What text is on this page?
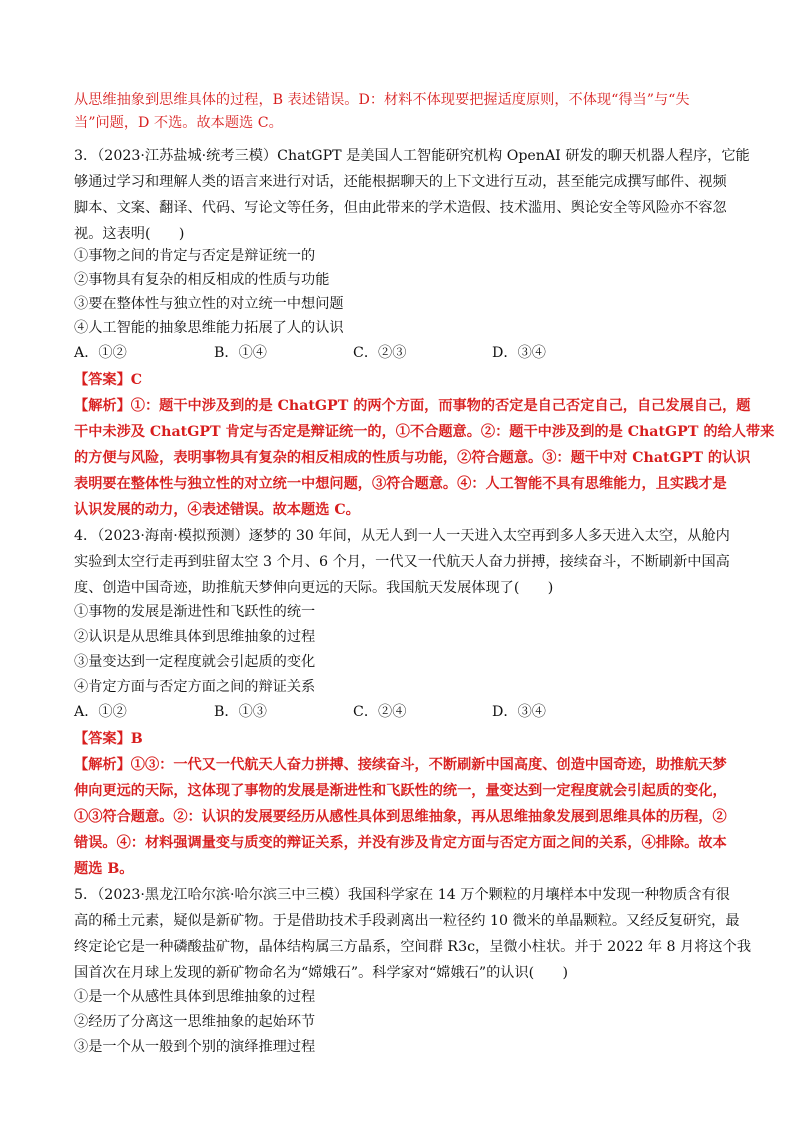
从思维抽象到思维具体的过程，B 表述错误。D：材料不体现要把握适度原则，不体现“得当”与“失
当”问题，D 不选。故本题选 C。
3．（2023·江苏盐城·统考三模）ChatGPT 是美国人工智能研究机构 OpenAI 研发的聊天机器人程序，它能
够通过学习和理解人类的语言来进行对话，还能根据聊天的上下文进行互动，甚至能完成撰写邮件、视频
脚本、文案、翻译、代码、写论文等任务，但由此带来的学术造假、技术滥用、舆论安全等风险亦不容忽
视。这表明(　　)
①事物之间的肯定与否定是辩证统一的
②事物具有复杂的相反相成的性质与功能
③要在整体性与独立性的对立统一中想问题
④人工智能的抽象思维能力拓展了人的认识
A．①②	B．①④	C．②③	D．③④
【答案】C
【解析】①：题干中涉及到的是 ChatGPT 的两个方面，而事物的否定是自己否定自己，自己发展自己，题
干中未涉及 ChatGPT 肯定与否定是辩证统一的，①不合题意。②：题干中涉及到的是 ChatGPT 的给人带来
的方便与风险，表明事物具有复杂的相反相成的性质与功能，②符合题意。③：题干中对 ChatGPT 的认识
表明要在整体性与独立性的对立统一中想问题，③符合题意。④：人工智能不具有思维能力，且实践才是
认识发展的动力，④表述错误。故本题选 C。
4．（2023·海南·模拟预测）逐梦的 30 年间，从无人到一人一天进入太空再到多人多天进入太空，从舱内
实验到太空行走再到驻留太空 3 个月、6 个月，一代又一代航天人奋力拼搏，接续奋斗，不断刷新中国高
度、创造中国奇迹，助推航天梦伸向更远的天际。我国航天发展体现了(　　)
①事物的发展是渐进性和飞跃性的统一
②认识是从思维具体到思维抽象的过程
③量变达到一定程度就会引起质的变化
④肯定方面与否定方面之间的辩证关系
A．①②	B．①③	C．②④	D．③④
【答案】B
【解析】①③：一代又一代航天人奋力拼搏、接续奋斗，不断刷新中国高度、创造中国奇迹，助推航天梦
伸向更远的天际，这体现了事物的发展是渐进性和飞跃性的统一，量变达到一定程度就会引起质的变化，
①③符合题意。②：认识的发展要经历从感性具体到思维抽象，再从思维抽象发展到思维具体的历程，②
错误。④：材料强调量变与质变的辩证关系，并没有涉及肯定方面与否定方面之间的关系，④排除。故本
题选 B。
5．（2023·黑龙江哈尔滨·哈尔滨三中三模）我国科学家在 14 万个颗粒的月壤样本中发现一种物质含有很
高的稀土元素，疑似是新矿物。于是借助技术手段剥离出一粒径约 10 微米的单晶颗粒。又经反复研究，最
终定论它是一种磷酸盐矿物，晶体结构属三方晶系，空间群 R3c，呈微小柱状。并于 2022 年 8 月将这个我
国首次在月球上发现的新矿物命名为“嫦娥石”。科学家对“嫦娥石”的认识(　　)
①是一个从感性具体到思维抽象的过程
②经历了分离这一思维抽象的起始环节
③是一个从一般到个别的演绎推理过程
